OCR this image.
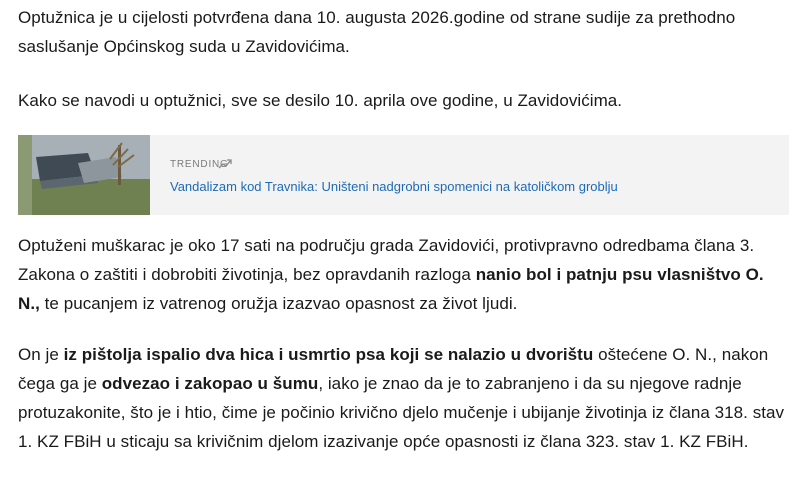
Optužnica je u cijelosti potvrđena dana 10. augusta 2026.godine od strane sudije za prethodno saslušanje Općinskog suda u Zavidovićima.

Kako se navodi u optužnici, sve se desilo 10. aprila ove godine, u Zavidovićima.

TRENDING
Vandalizam kod Travnika: Uništeni nadgrobni spomenici na katoličkom groblju

Optuženi muškarac je oko 17 sati na području grada Zavidovići, protivpravno odredbama člana 3. Zakona o zaštiti i dobrobiti životinja, bez opravdanih razloga nanio bol i patnju psu vlasništvo O. N., te pucanjem iz vatrenog oružja izazvao opasnost za život ljudi.

On je iz pištolja ispalio dva hica i usmrtio psa koji se nalazio u dvorištu oštećene O. N., nakon čega ga je odvezao i zakopao u šumu, iako je znao da je to zabranjeno i da su njegove radnje protuzakonite, što je i htio, čime je počinio krivično djelo mučenje i ubijanje životinja iz člana 318. stav 1. KZ FBiH u sticaju sa krivičnim djelom izazivanje opće opasnosti iz člana 323. stav 1. KZ FBiH.
